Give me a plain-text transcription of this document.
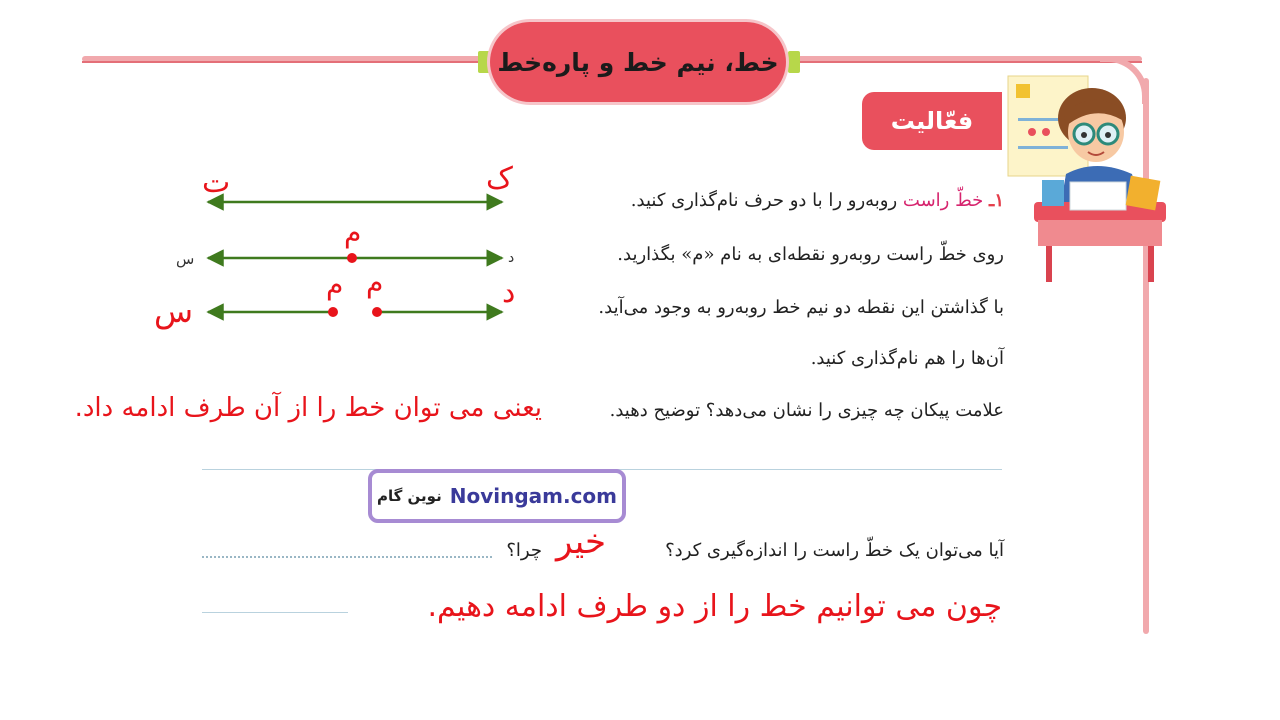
خط، نیم خط و پاره‌خط
فعّالیت
ت	ک
م
س	د
م م
س	د
۱ـ خطّ راست روبه‌رو را با دو حرف نام‌گذاری کنید.
روی خطّ راست روبه‌رو نقطه‌ای به نام «م» بگذارید.
با گذاشتن این نقطه دو نیم خط روبه‌رو به وجود می‌آید.
آن‌ها را هم نام‌گذاری کنید.
علامت پیکان چه چیزی را نشان می‌دهد؟ توضیح دهید.
یعنی می توان خط را از آن طرف ادامه داد.
نوین گام Novingam.com
آیا می‌توان یک خطّ راست را اندازه‌گیری کرد؟
خیر
چرا؟
چون می توانیم خط را از دو طرف ادامه دهیم.
